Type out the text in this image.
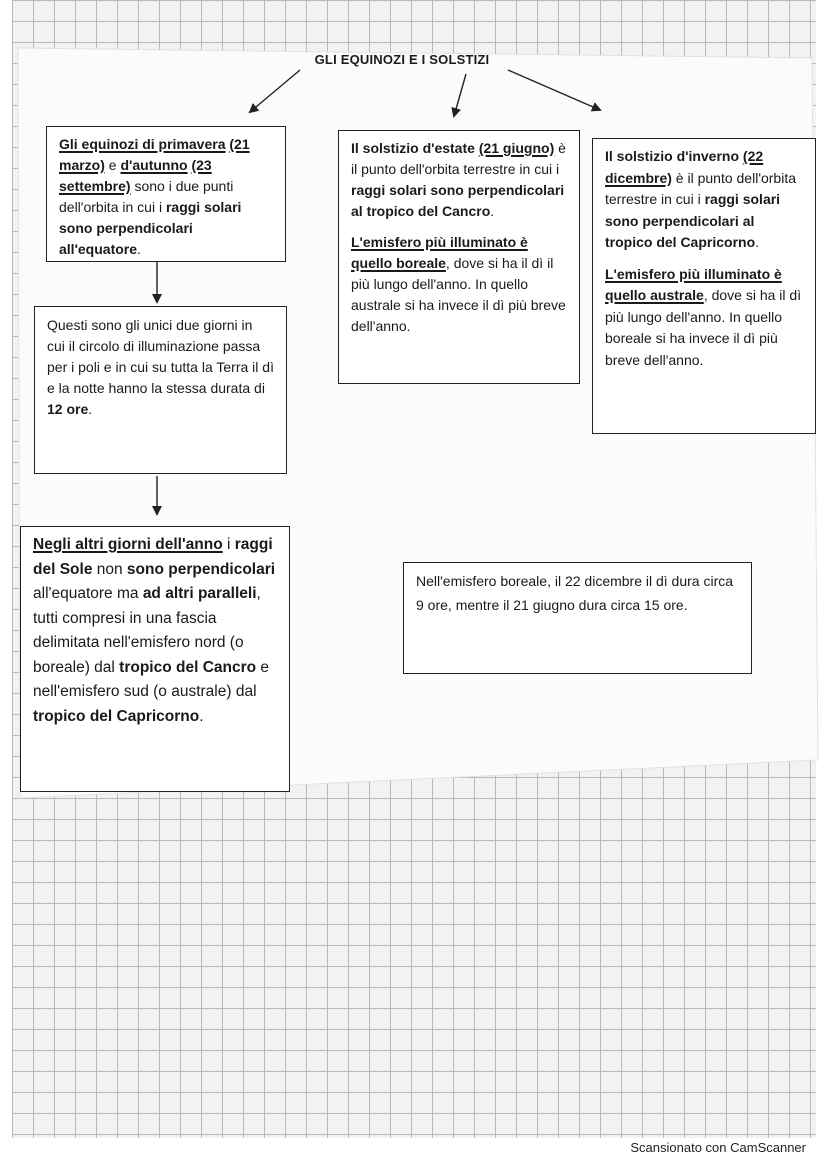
GLI EQUINOZI E I SOLSTIZI

Gli equinozi di primavera (21 marzo) e d'autunno (23 settembre) sono i due punti dell'orbita in cui i raggi solari sono perpendicolari all'equatore.

Questi sono gli unici due giorni in cui il circolo di illuminazione passa per i poli e in cui su tutta la Terra il dì e la notte hanno la stessa durata di 12 ore.

Negli altri giorni dell'anno i raggi del Sole non sono perpendicolari all'equatore ma ad altri paralleli, tutti compresi in una fascia delimitata nell'emisfero nord (o boreale) dal tropico del Cancro e nell'emisfero sud (o australe) dal tropico del Capricorno.

Il solstizio d'estate (21 giugno) è il punto dell'orbita terrestre in cui i raggi solari sono perpendicolari al tropico del Cancro.

L'emisfero più illuminato è quello boreale, dove si ha il dì il più lungo dell'anno. In quello australe si ha invece il dì più breve dell'anno.

Il solstizio d'inverno (22 dicembre) è il punto dell'orbita terrestre in cui i raggi solari sono perpendicolari al tropico del Capricorno.

L'emisfero più illuminato è quello australe, dove si ha il dì più lungo dell'anno. In quello boreale si ha invece il dì più breve dell'anno.

Nell'emisfero boreale, il 22 dicembre il dì dura circa 9 ore, mentre il 21 giugno dura circa 15 ore.

Scansionato con CamScanner
